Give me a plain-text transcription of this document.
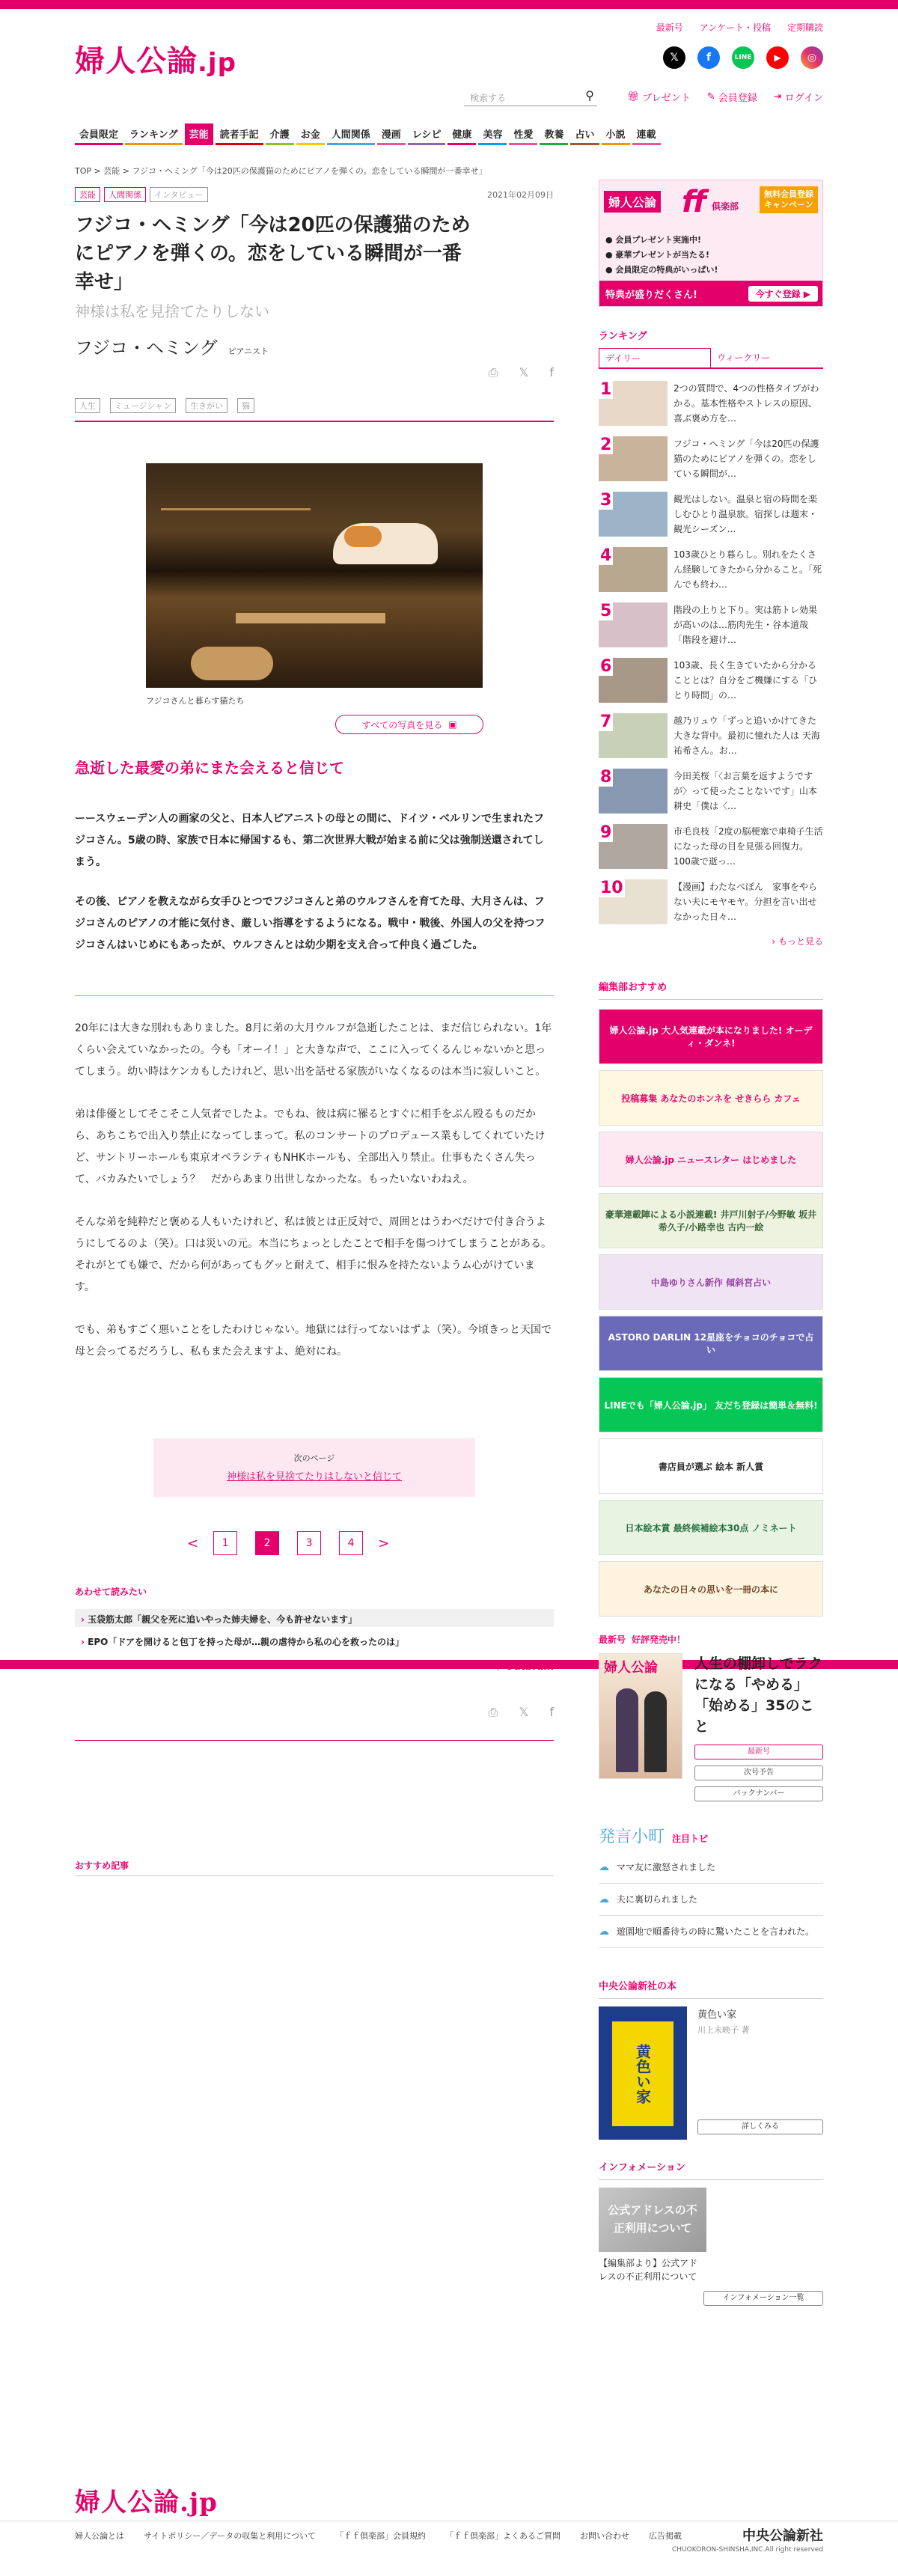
婦人公論.jp
最新号 アンケート・投稿 定期購読
𝕏	f	LINE	▶	◎
検索する	⚲	🎁︎ プレゼント ✎ 会員登録 ⇥ ログイン
会員限定	ランキング	芸能	読者手記	介護	お金	人間関係	漫画	レシピ	健康	美容	性愛	教養	占い	小説	連載
TOP > 芸能 > フジコ・ヘミング「今は20匹の保護猫のためにピアノを弾くの。恋をしている瞬間が一番幸せ」
芸能 人間関係 インタビュー	2021年02月09日
フジコ・ヘミング「今は20匹の保護猫のためにピアノを弾くの。恋をしている瞬間が一番幸せ」
神様は私を見捨てたりしない
フジコ・ヘミング ピアニスト
⎙ 𝕏 f
人生	ミュージシャン	生きがい	猫
フジコさんと暮らす猫たち
すべての写真を見る ▣
急逝した最愛の弟にまた会えると信じて

ーースウェーデン人の画家の父と、日本人ピアニストの母との間に、ドイツ・ベルリンで生まれたフジコさん。5歳の時、家族で日本に帰国するも、第二次世界大戦が始まる前に父は強制送還されてしまう。

その後、ピアノを教えながら女手ひとつでフジコさんと弟のウルフさんを育てた母、大月さんは、フジコさんのピアノの才能に気付き、厳しい指導をするようになる。戦中・戦後、外国人の父を持つフジコさんはいじめにもあったが、ウルフさんとは幼少期を支え合って仲良く過ごした。

20年には大きな別れもありました。8月に弟の大月ウルフが急逝したことは、まだ信じられない。1年くらい会えていなかったの。今も「オーイ！」と大きな声で、ここに入ってくるんじゃないかと思ってしまう。幼い時はケンカもしたけれど、思い出を話せる家族がいなくなるのは本当に寂しいこと。

弟は俳優としてそこそこ人気者でしたよ。でもね、彼は病に罹るとすぐに相手をぶん殴るものだから、あちこちで出入り禁止になってしまって。私のコンサートのプロデュース業もしてくれていたけど、サントリーホールも東京オペラシティもNHKホールも、全部出入り禁止。仕事もたくさん失って、バカみたいでしょう？　だからあまり出世しなかったな。もったいないわねえ。

そんな弟を純粋だと褒める人もいたけれど、私は彼とは正反対で、周囲とはうわべだけで付き合うようにしてるのよ（笑）。口は災いの元。本当にちょっとしたことで相手を傷つけてしまうことがある。それがとても嫌で、だから何があってもグッと耐えて、相手に恨みを持たないようム心がけています。

でも、弟もすごく悪いことをしたわけじゃない。地獄には行ってないはずよ（笑）。今頃きっと天国で母と会ってるだろうし、私もまた会えますよ、絶対にね。

次のページ
神様は私を見捨てたりはしないと信じて
<	1	2	3	4	>
あわせて読みたい
› 玉袋筋太郎「親父を死に追いやった姉夫婦を、今も許せないます」
› EPO「ドアを開けると包丁を持った母が…親の虐待から私の心を救ったのは」
⎙ 𝕏 f
おすすめ記事
婦人公論 ff 俱楽部
無料会員登録キャンペーン
● 会員プレゼント実施中!
● 豪華プレゼントが当たる!
● 会員限定の特典がいっぱい!
特典が盛りだくさん!	今すぐ登録 ▶
ランキング
デイリー	ウィークリー
1	2つの質問で、4つの性格タイプがわかる。基本性格やストレスの原因、喜ぶ褒め方を…
2	フジコ・ヘミング「今は20匹の保護猫のためにピアノを弾くの。恋をしている瞬間が…
3	観光はしない。温泉と宿の時間を楽しむひとり温泉旅。宿探しは週末・観光シーズン…
4	103歳ひとり暮らし。別れをたくさん経験してきたから分かること。「死んでも終わ…
5	階段の上りと下り。実は筋トレ効果が高いのは…筋肉先生・谷本道哉「階段を避け…
6	103歳、長く生きていたから分かることとは？自分をご機嫌にする「ひとり時間」の…
7	越乃リュウ「ずっと追いかけてきた大きな背中。最初に憧れた人は 天海祐希さん。お…
8	今田美桜「〈お言葉を返すようですが〉って使ったことないです」山本耕史「僕は〈…
9	市毛良枝「2度の脳梗塞で車椅子生活になった母の目を見張る回復力。100歳で逝っ…
10	【漫画】わたなべぽん　家事をやらない夫にモヤモヤ。分担を言い出せなかった日々…
› もっと見る
編集部おすすめ
婦人公論.jp 大人気連載が本になりました! オーディ・ダンネ!
投稿募集 あなたのホンネを せきらら カフェ
婦人公論.jp ニュースレター はじめました
豪華連載陣による小説連載! 井戸川射子/今野敏 坂井希久子/小路幸也 古内一絵
中島ゆりさん新作 傾斜宮占い
ASTORO DARLIN 12星座をチョコのチョコで占い
LINEでも「婦人公論.jp」 友だち登録は簡単＆無料!
書店員が選ぶ 絵本 新人賞
日本絵本賞 最終候補絵本30点 ノミネート
あなたの日々の思いを一冊の本に
最新号 好評発売中！
婦人公論	人生の棚卸しでラクになる「やめる」「始める」35のこと
最新号
次号予告
バックナンバー
発言小町 注目トピ
☁ ママ友に激怒されました
☁ 夫に裏切られました
☁ 遊園地で順番待ちの時に驚いたことを言われた。
中央公論新社の本
黄色い家
黄色い家
川上未映子 著
詳しくみる
インフォメーション
公式アドレスの不正利用について
【編集部より】公式アドレスの不正利用について
インフォメーション一覧
婦人公論.jp
婦人公論とは サイトポリシー／データの収集と利用について 「ｆｆ倶楽部」会員規約 「ｆｆ倶楽部」よくあるご質問 お問い合わせ 広告掲載	中央公論新社
CHUOKORON-SHINSHA,INC.All right reserved
